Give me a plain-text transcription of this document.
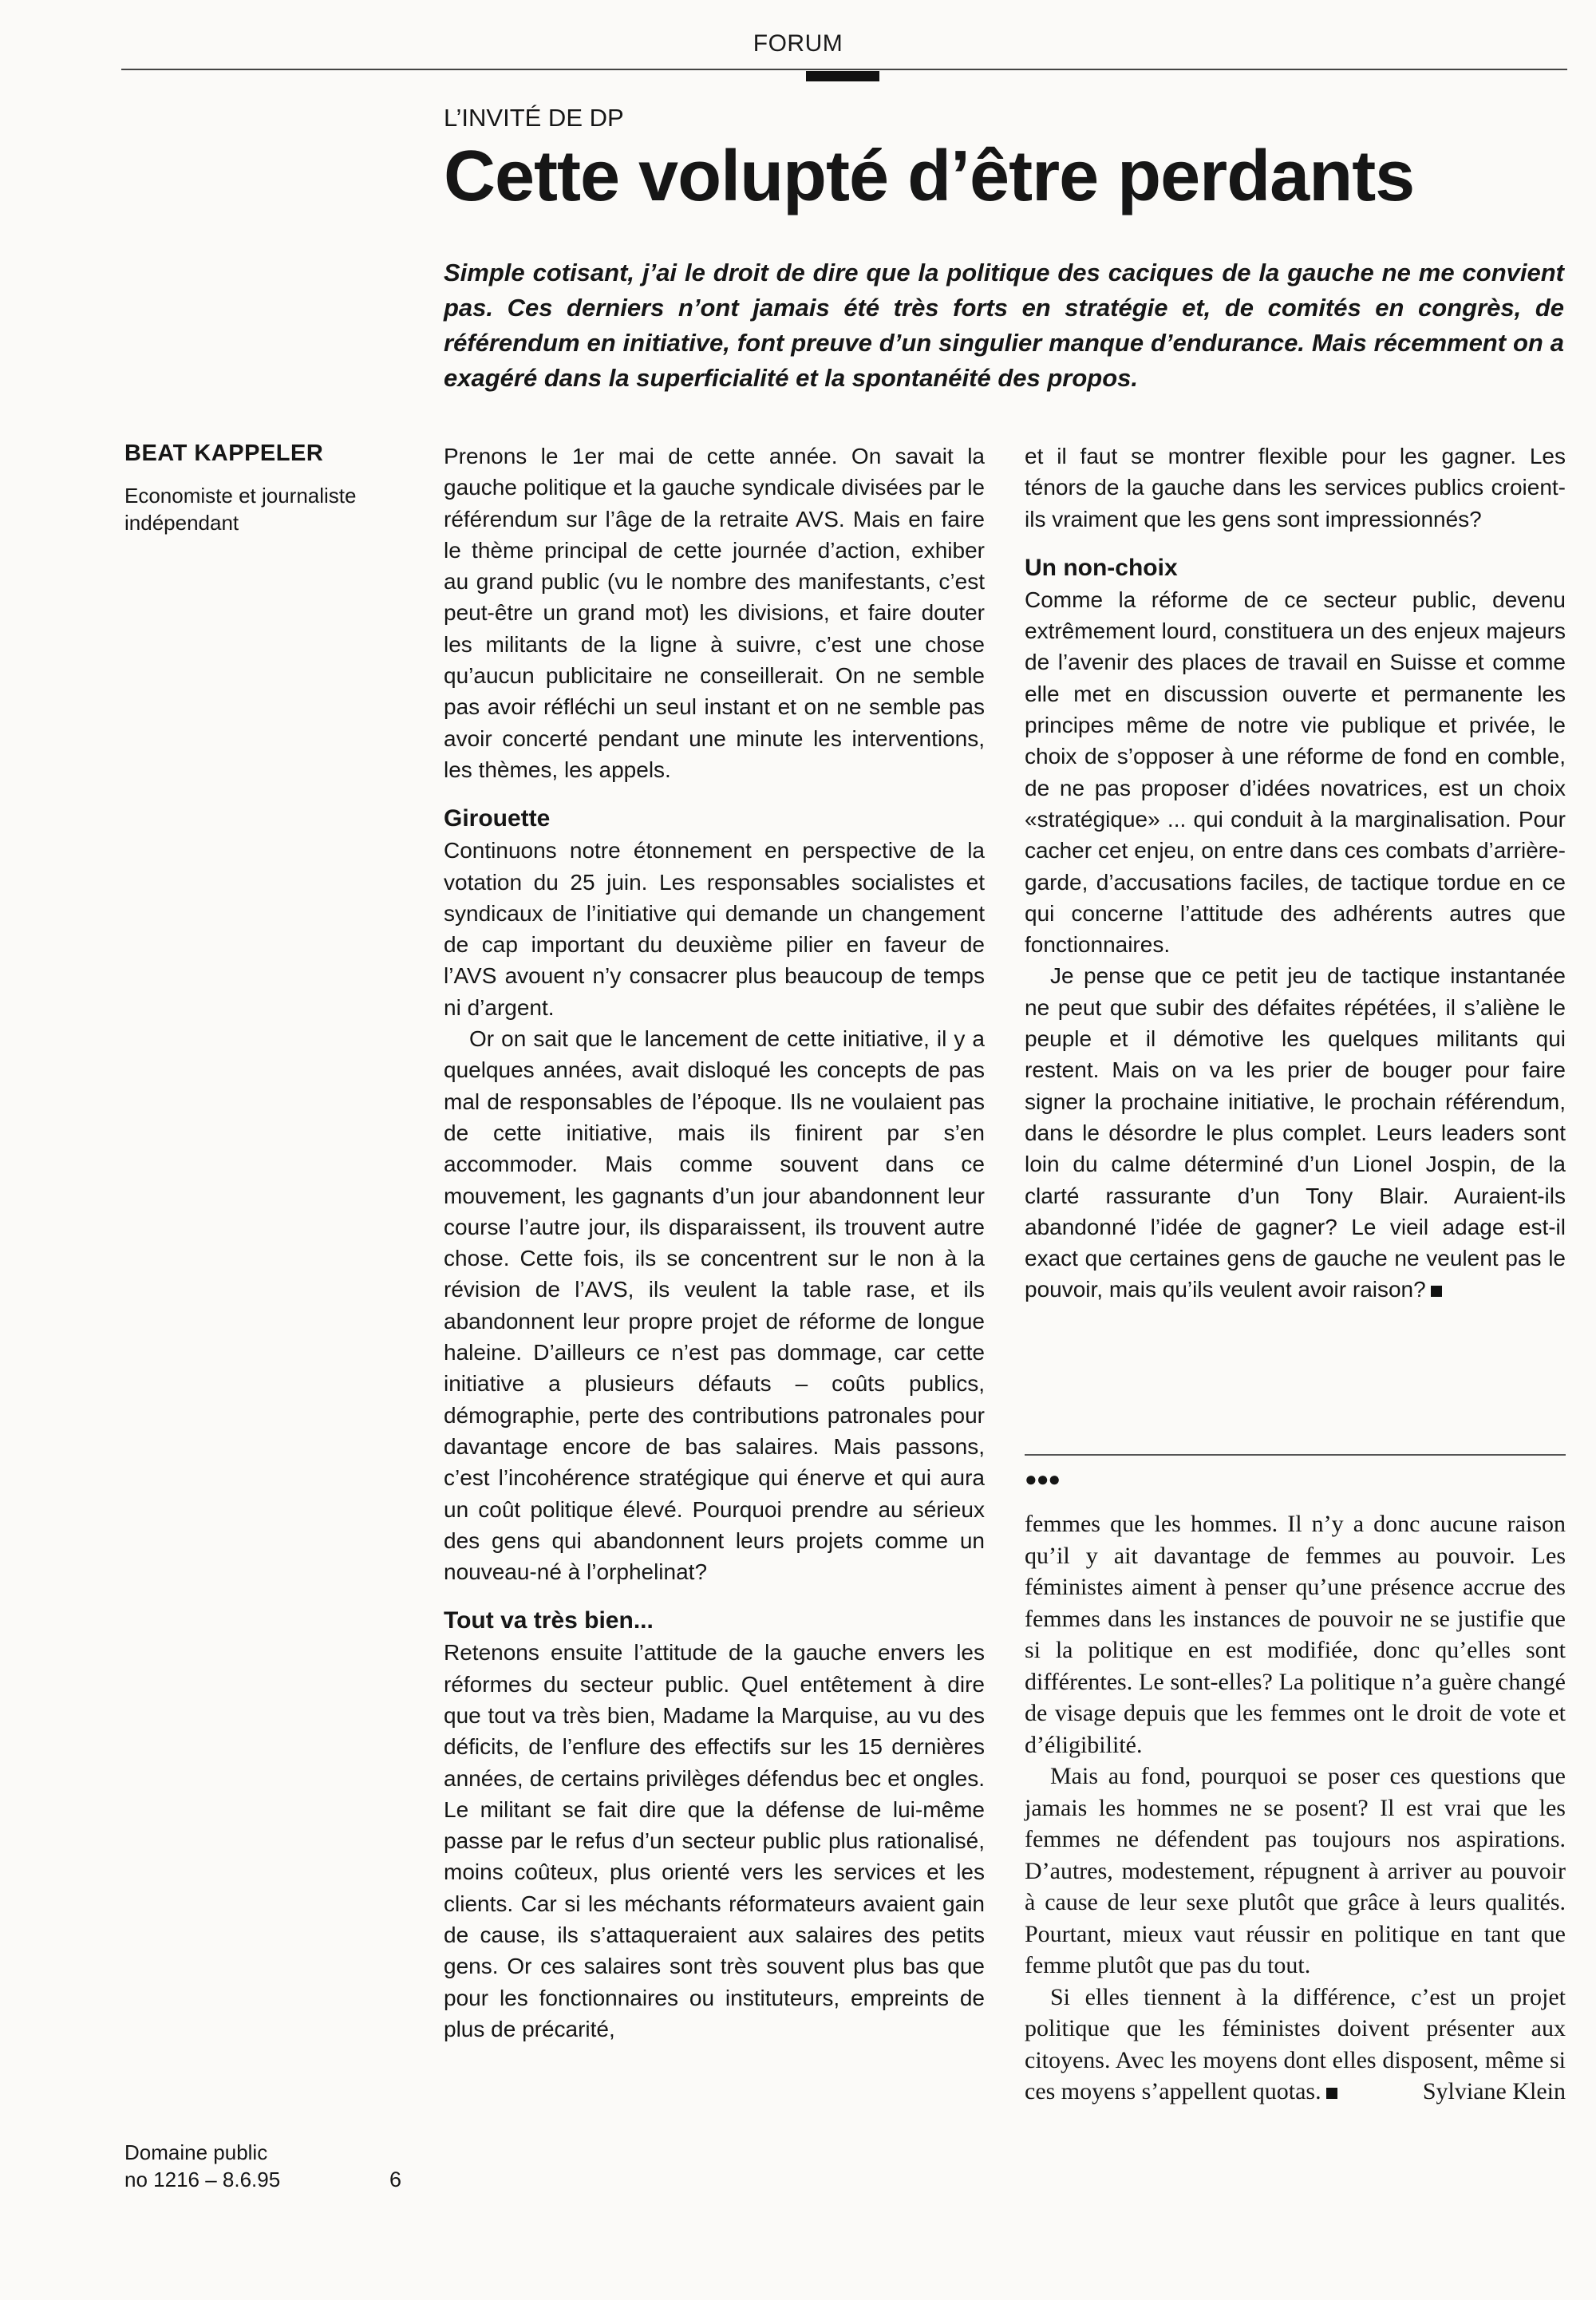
FORUM
L’INVITÉ DE DP
Cette volupté d’être perdants
Simple cotisant, j’ai le droit de dire que la politique des caciques de la gauche ne me convient pas. Ces derniers n’ont jamais été très forts en stratégie et, de comités en congrès, de référendum en initiative, font preuve d’un singulier manque d’endurance. Mais récemment on a exagéré dans la superficialité et la spontanéité des propos.
BEAT KAPPELER
Economiste et journaliste indépendant

Prenons le 1er mai de cette année. On savait la gauche politique et la gauche syndicale divisées par le référendum sur l’âge de la retraite AVS. Mais en faire le thème principal de cette journée d’action, exhiber au grand public (vu le nombre des manifestants, c’est peut-être un grand mot) les divisions, et faire douter les militants de la ligne à suivre, c’est une chose qu’aucun publicitaire ne conseillerait. On ne semble pas avoir réfléchi un seul instant et on ne semble pas avoir concerté pendant une minute les interventions, les thèmes, les appels.

Girouette

Continuons notre étonnement en perspective de la votation du 25 juin. Les responsables socialistes et syndicaux de l’initiative qui demande un changement de cap important du deuxième pilier en faveur de l’AVS avouent n’y consacrer plus beaucoup de temps ni d’argent.

Or on sait que le lancement de cette initiative, il y a quelques années, avait disloqué les concepts de pas mal de responsables de l’époque. Ils ne voulaient pas de cette initiative, mais ils finirent par s’en accommoder. Mais comme souvent dans ce mouvement, les gagnants d’un jour abandonnent leur course l’autre jour, ils disparaissent, ils trouvent autre chose. Cette fois, ils se concentrent sur le non à la révision de l’AVS, ils veulent la table rase, et ils abandonnent leur propre projet de réforme de longue haleine. D’ailleurs ce n’est pas dommage, car cette initiative a plusieurs défauts – coûts publics, démographie, perte des contributions patronales pour davantage encore de bas salaires. Mais passons, c’est l’incohérence stratégique qui énerve et qui aura un coût politique élevé. Pourquoi prendre au sérieux des gens qui abandonnent leurs projets comme un nouveau-né à l’orphelinat?

Tout va très bien...

Retenons ensuite l’attitude de la gauche envers les réformes du secteur public. Quel entêtement à dire que tout va très bien, Madame la Marquise, au vu des déficits, de l’enflure des effectifs sur les 15 dernières années, de certains privilèges défendus bec et ongles. Le militant se fait dire que la défense de lui-même passe par le refus d’un secteur public plus rationalisé, moins coûteux, plus orienté vers les services et les clients. Car si les méchants réformateurs avaient gain de cause, ils s’attaqueraient aux salaires des petits gens. Or ces salaires sont très souvent plus bas que pour les fonctionnaires ou instituteurs, empreints de plus de précarité,

et il faut se montrer flexible pour les gagner. Les ténors de la gauche dans les services publics croient-ils vraiment que les gens sont impressionnés?

Un non-choix

Comme la réforme de ce secteur public, devenu extrêmement lourd, constituera un des enjeux majeurs de l’avenir des places de travail en Suisse et comme elle met en discussion ouverte et permanente les principes même de notre vie publique et privée, le choix de s’opposer à une réforme de fond en comble, de ne pas proposer d’idées novatrices, est un choix «stratégique» ... qui conduit à la marginalisation. Pour cacher cet enjeu, on entre dans ces combats d’arrière-garde, d’accusations faciles, de tactique tordue en ce qui concerne l’attitude des adhérents autres que fonctionnaires.

Je pense que ce petit jeu de tactique instantanée ne peut que subir des défaites répétées, il s’aliène le peuple et il démotive les quelques militants qui restent. Mais on va les prier de bouger pour faire signer la prochaine initiative, le prochain référendum, dans le désordre le plus complet. Leurs leaders sont loin du calme déterminé d’un Lionel Jospin, de la clarté rassurante d’un Tony Blair. Auraient-ils abandonné l’idée de gagner? Le vieil adage est-il exact que certaines gens de gauche ne veulent pas le pouvoir, mais qu’ils veulent avoir raison?

●●●

femmes que les hommes. Il n’y a donc aucune raison qu’il y ait davantage de femmes au pouvoir. Les féministes aiment à penser qu’une présence accrue des femmes dans les instances de pouvoir ne se justifie que si la politique en est modifiée, donc qu’elles sont différentes. Le sont-elles? La politique n’a guère changé de visage depuis que les femmes ont le droit de vote et d’éligibilité.

Mais au fond, pourquoi se poser ces questions que jamais les hommes ne se posent? Il est vrai que les femmes ne défendent pas toujours nos aspirations. D’autres, modestement, répugnent à arriver au pouvoir à cause de leur sexe plutôt que grâce à leurs qualités. Pourtant, mieux vaut réussir en politique en tant que femme plutôt que pas du tout.

Si elles tiennent à la différence, c’est un projet politique que les féministes doivent présenter aux citoyens. Avec les moyens dont elles disposent, même si ces moyens s’appellent quotas.	Sylviane Klein

Domaine public
no 1216 – 8.6.95	6
